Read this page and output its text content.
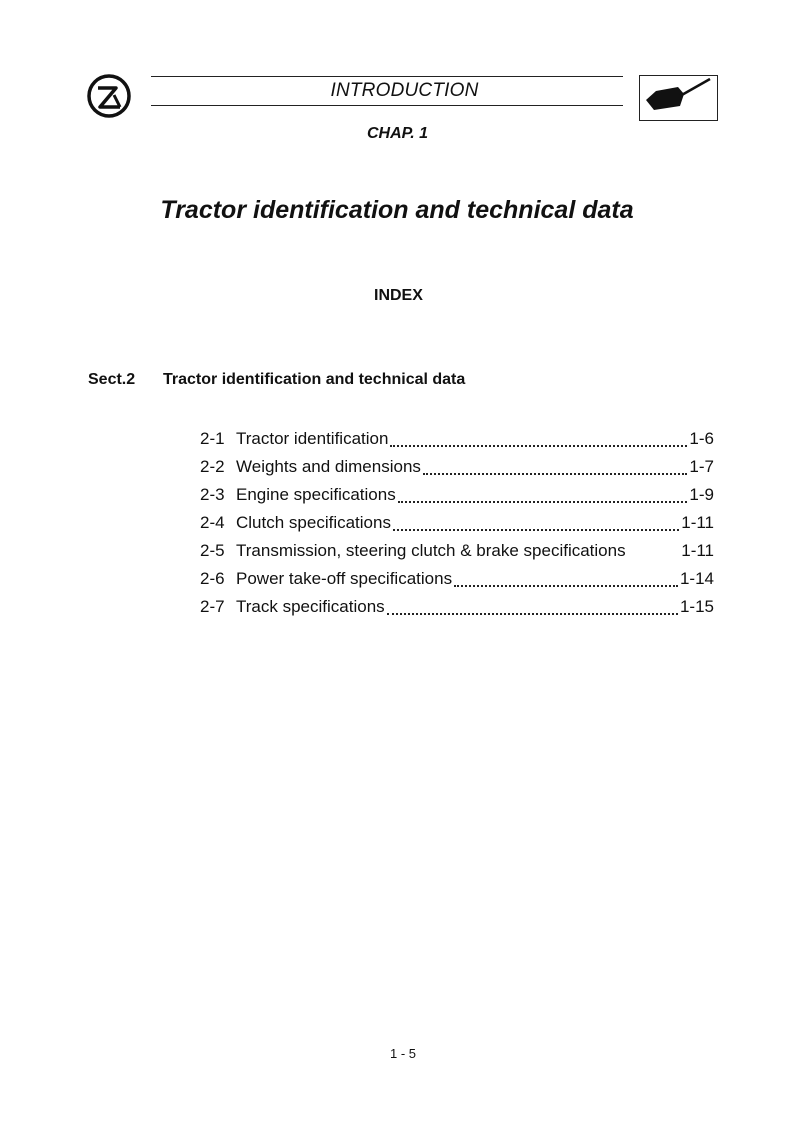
INTRODUCTION
CHAP. 1
Tractor identification and technical data
INDEX
Sect.2 Tractor identification and technical data
2-1 Tractor identification	1-6
2-2 Weights and dimensions	1-7
2-3 Engine specifications	1-9
2-4 Clutch specifications	1-11
2-5 Transmission, steering clutch & brake specifications	1-11
2-6 Power take-off specifications	1-14
2-7 Track specifications	1-15
1 - 5
